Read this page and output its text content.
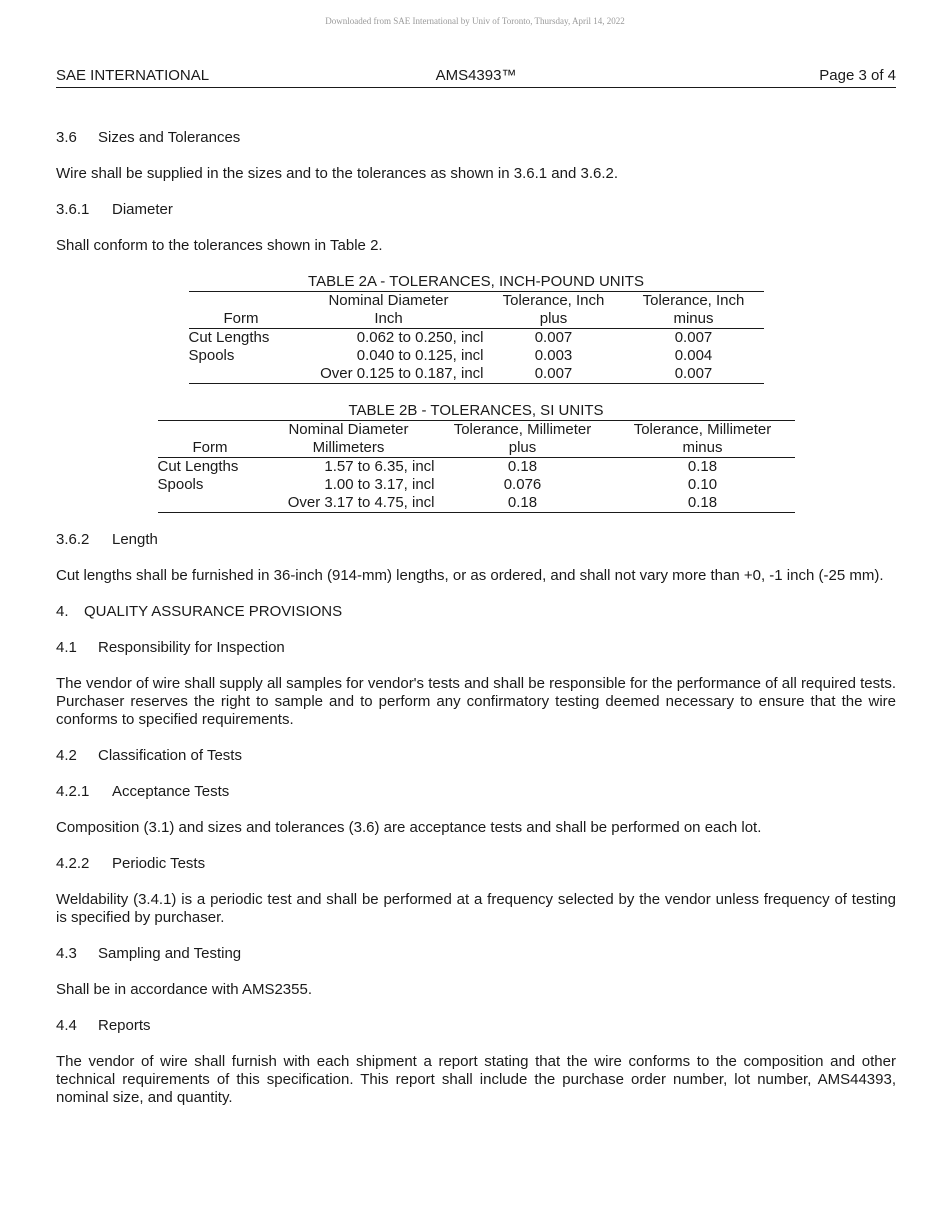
Downloaded from SAE International by Univ of Toronto, Thursday, April 14, 2022
AMS4393™
SAE INTERNATIONAL	Page 3 of 4
3.6 Sizes and Tolerances

Wire shall be supplied in the sizes and to the tolerances as shown in 3.6.1 and 3.6.2.

3.6.1 Diameter

Shall conform to the tolerances shown in Table 2.

TABLE 2A - TOLERANCES, INCH-POUND UNITS

	Nominal Diameter	Tolerance, Inch	Tolerance, Inch
Form	Inch	plus	minus
Cut Lengths	0.062 to 0.250, incl	0.007	0.007
Spools	0.040 to 0.125, incl	0.003	0.004
	Over 0.125 to 0.187, incl	0.007	0.007

TABLE 2B - TOLERANCES, SI UNITS

	Nominal Diameter	Tolerance, Millimeter	Tolerance, Millimeter
Form	Millimeters	plus	minus
Cut Lengths	1.57 to 6.35, incl	0.18	0.18
Spools	1.00 to 3.17, incl	0.076	0.10
	Over 3.17 to 4.75, incl	0.18	0.18
3.6.2 Length

Cut lengths shall be furnished in 36-inch (914-mm) lengths, or as ordered, and shall not vary more than +0, -1 inch (-25 mm).

4. QUALITY ASSURANCE PROVISIONS
4.1 Responsibility for Inspection

The vendor of wire shall supply all samples for vendor's tests and shall be responsible for the performance of all required tests. Purchaser reserves the right to sample and to perform any confirmatory testing deemed necessary to ensure that the wire conforms to specified requirements.

4.2 Classification of Tests
4.2.1 Acceptance Tests

Composition (3.1) and sizes and tolerances (3.6) are acceptance tests and shall be performed on each lot.

4.2.2 Periodic Tests

Weldability (3.4.1) is a periodic test and shall be performed at a frequency selected by the vendor unless frequency of testing is specified by purchaser.

4.3 Sampling and Testing

Shall be in accordance with AMS2355.

4.4 Reports

The vendor of wire shall furnish with each shipment a report stating that the wire conforms to the composition and other technical requirements of this specification. This report shall include the purchase order number, lot number, AMS44393, nominal size, and quantity.
